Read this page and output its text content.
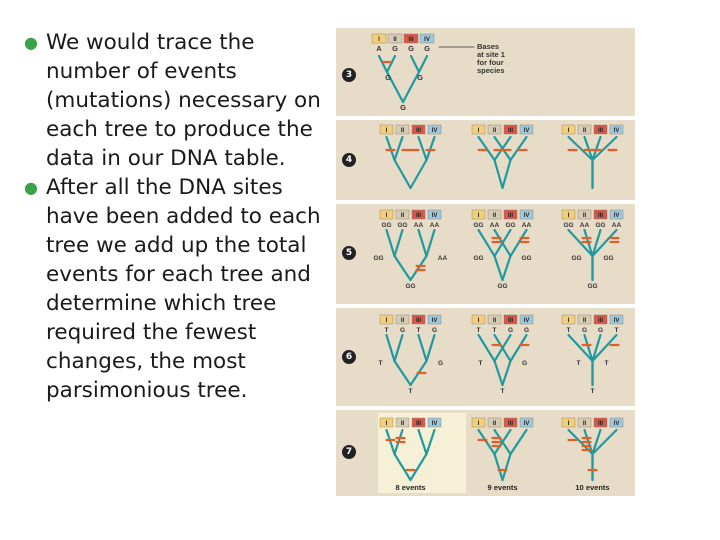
● We would trace the number of events (mutations) necessary on each tree to produce the data in our DNA table.
● After all the DNA sites have been added to each tree we add up the total events for each tree and determine which tree required the fewest changes, the most parsimonious tree.
3
4
5
6
7
I II III IV
A G G G
G	G
G
Bases
at site 1
for four
species
I II III IV	I II III IV	I II III IV
I II III IV
GG GG AA AA
GG	AA
GG
I II III IV
GG AA GG AA
GG	GG
GG
I II III IV
GG AA GG AA
GG	GG
GG
I II III IV
T G T G
T	G
T
I II III IV
T T G G
T	G
T
I II III IV
T G G T
T	T
T
I II III IV
8 events
I II III IV
9 events
I II III IV
10 events
